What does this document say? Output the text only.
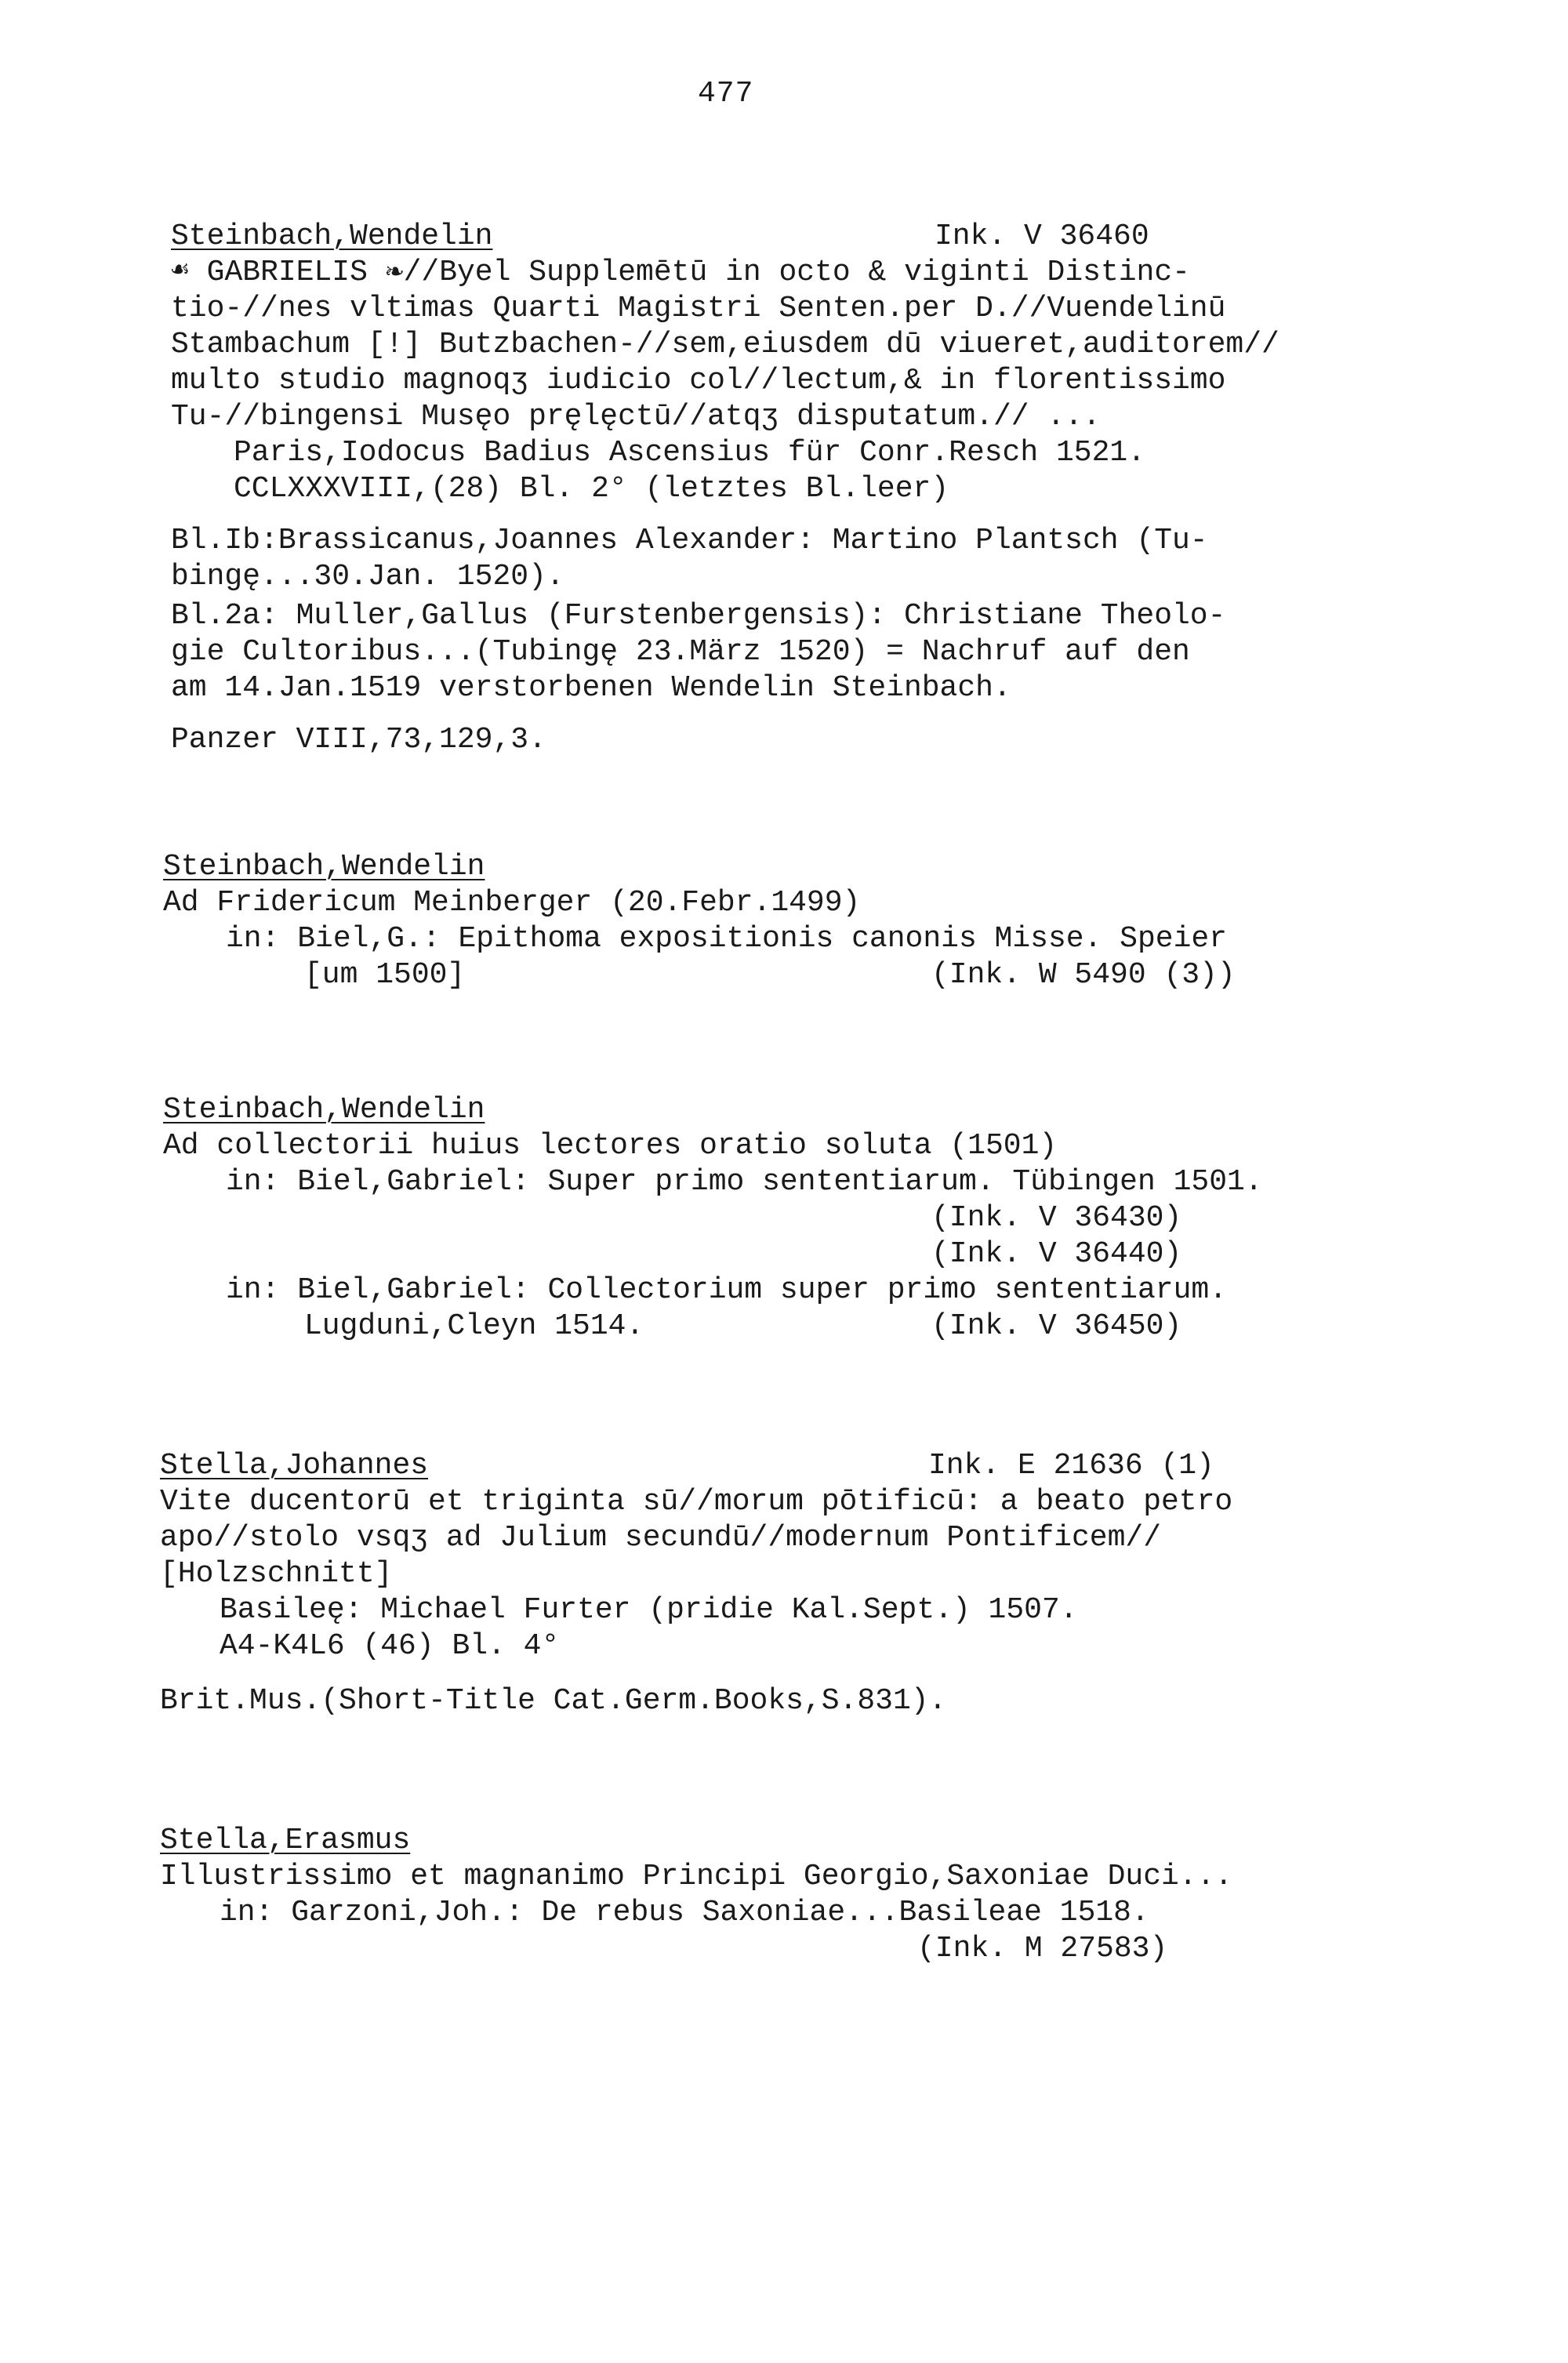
477
Steinbach,Wendelin	Ink. V 36460
☙ GABRIELIS ❧//Byel Supplemētū in octo & viginti Distinc-
tio-//nes vltimas Quarti Magistri Senten.per D.//Vuendelinū
Stambachum [!] Butzbachen-//sem,eiusdem dū viueret,auditorem//
multo studio magnoqʒ iudicio col//lectum,& in florentissimo
Tu-//bingensi Musęo pręlęctū//atqʒ disputatum.// ...
Paris,Iodocus Badius Ascensius für Conr.Resch 1521.
CCLXXXVIII,(28) Bl. 2° (letztes Bl.leer)
Bl.Ib:Brassicanus,Joannes Alexander: Martino Plantsch (Tu-
bingę...30.Jan. 1520).
Bl.2a: Muller,Gallus (Furstenbergensis): Christiane Theolo-
gie Cultoribus...(Tubingę 23.März 1520) = Nachruf auf den
am 14.Jan.1519 verstorbenen Wendelin Steinbach.
Panzer VIII,73,129,3.
Steinbach,Wendelin
Ad Fridericum Meinberger (20.Febr.1499)
in: Biel,G.: Epithoma expositionis canonis Misse. Speier
[um 1500]	(Ink. W 5490 (3))
Steinbach,Wendelin
Ad collectorii huius lectores oratio soluta (1501)
in: Biel,Gabriel: Super primo sententiarum. Tübingen 1501.
(Ink. V 36430)
(Ink. V 36440)
in: Biel,Gabriel: Collectorium super primo sententiarum.
Lugduni,Cleyn 1514.	(Ink. V 36450)
Stella,Johannes	Ink. E 21636 (1)
Vite ducentorū et triginta sū//morum pōtificū: a beato petro
apo//stolo vsqʒ ad Julium secundū//modernum Pontificem//
[Holzschnitt]
Basileę: Michael Furter (pridie Kal.Sept.) 1507.
A4-K4L6 (46) Bl. 4°
Brit.Mus.(Short-Title Cat.Germ.Books,S.831).
Stella,Erasmus
Illustrissimo et magnanimo Principi Georgio,Saxoniae Duci...
in: Garzoni,Joh.: De rebus Saxoniae...Basileae 1518.
(Ink. M 27583)
